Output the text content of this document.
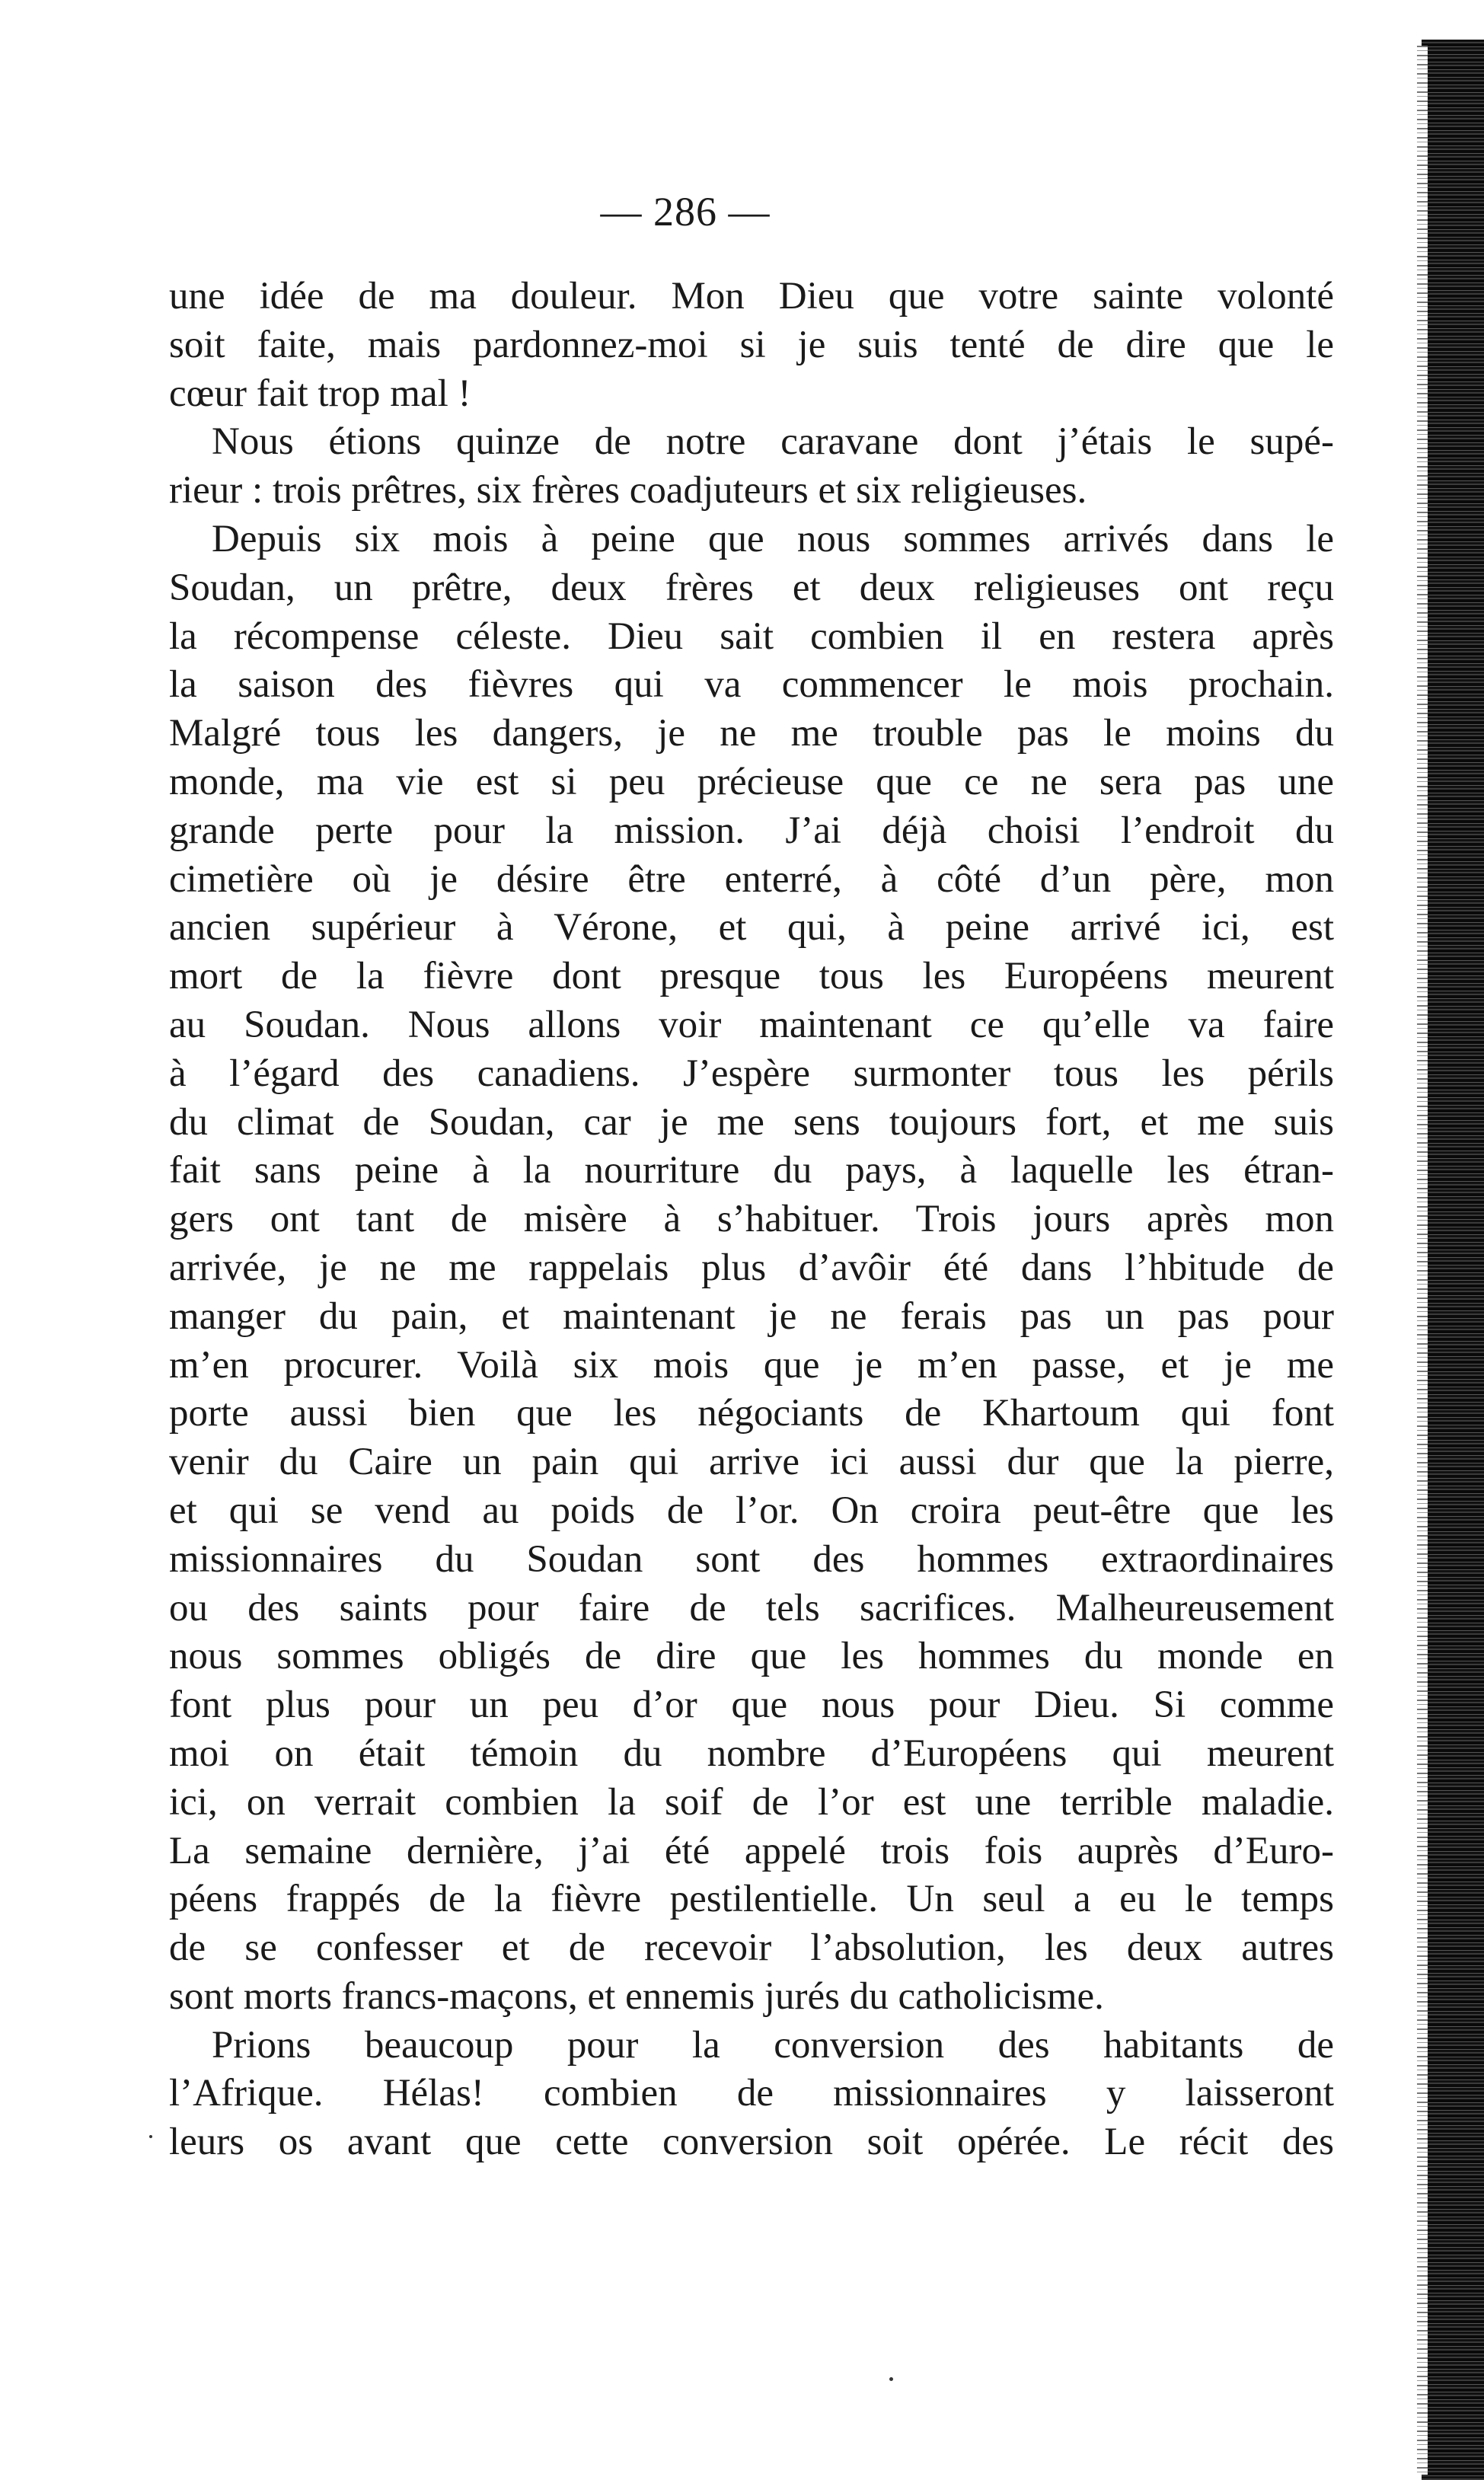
— 286 —
une idée de ma douleur. Mon Dieu que votre sainte volonté
soit faite, mais pardonnez-moi si je suis tenté de dire que le
cœur fait trop mal !
Nous étions quinze de notre caravane dont j’étais le supé-
rieur : trois prêtres, six frères coadjuteurs et six religieuses.
Depuis six mois à peine que nous sommes arrivés dans le
Soudan, un prêtre, deux frères et deux religieuses ont reçu
la récompense céleste. Dieu sait combien il en restera après
la saison des fièvres qui va commencer le mois prochain.
Malgré tous les dangers, je ne me trouble pas le moins du
monde, ma vie est si peu précieuse que ce ne sera pas une
grande perte pour la mission. J’ai déjà choisi l’endroit du
cimetière où je désire être enterré, à côté d’un père, mon
ancien supérieur à Vérone, et qui, à peine arrivé ici, est
mort de la fièvre dont presque tous les Européens meurent
au Soudan. Nous allons voir maintenant ce qu’elle va faire
à l’égard des canadiens. J’espère surmonter tous les périls
du climat de Soudan, car je me sens toujours fort, et me suis
fait sans peine à la nourriture du pays, à laquelle les étran-
gers ont tant de misère à s’habituer. Trois jours après mon
arrivée, je ne me rappelais plus d’avôir été dans l’hbitude de
manger du pain, et maintenant je ne ferais pas un pas pour
m’en procurer. Voilà six mois que je m’en passe, et je me
porte aussi bien que les négociants de Khartoum qui font
venir du Caire un pain qui arrive ici aussi dur que la pierre,
et qui se vend au poids de l’or. On croira peut-être que les
missionnaires du Soudan sont des hommes extraordinaires
ou des saints pour faire de tels sacrifices. Malheureusement
nous sommes obligés de dire que les hommes du monde en
font plus pour un peu d’or que nous pour Dieu. Si comme
moi on était témoin du nombre d’Européens qui meurent
ici, on verrait combien la soif de l’or est une terrible maladie.
La semaine dernière, j’ai été appelé trois fois auprès d’Euro-
péens frappés de la fièvre pestilentielle. Un seul a eu le temps
de se confesser et de recevoir l’absolution, les deux autres
sont morts francs-maçons, et ennemis jurés du catholicisme.
Prions beaucoup pour la conversion des habitants de
l’Afrique. Hélas! combien de missionnaires y laisseront
leurs os avant que cette conversion soit opérée. Le récit des
